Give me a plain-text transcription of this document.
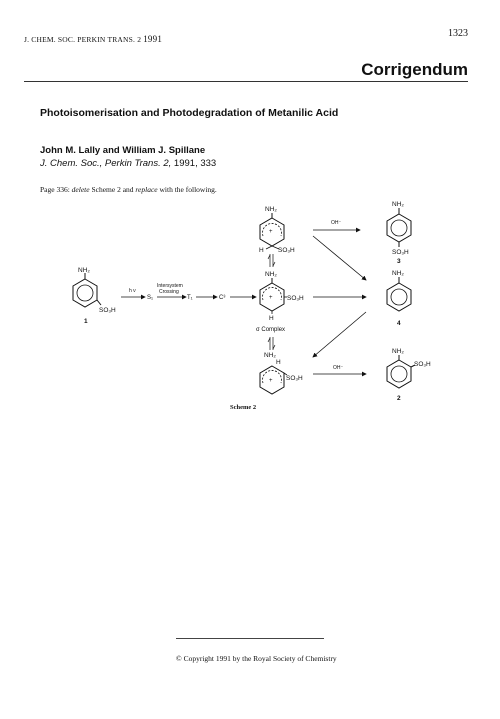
J. CHEM. SOC. PERKIN TRANS. 2 1991	1323
Corrigendum
Photoisomerisation and Photodegradation of Metanilic Acid
John M. Lally and William J. Spillane
J. Chem. Soc., Perkin Trans. 2, 1991, 333
Page 336: delete Scheme 2 and replace with the following.
NH₂
SO₃H
1
h ν
S₁
Intersystem
Crossing
T₁	C³
+
NH₂
H SO₃H
+
NH₂
SO₃H
H
σ Complex
NH₂
H
+ SO₃H
OH⁻
OH⁻
NH₂
SO₃H
3
NH₂
4
NH₂
SO₃H
2
Scheme 2
© Copyright 1991 by the Royal Society of Chemistry
